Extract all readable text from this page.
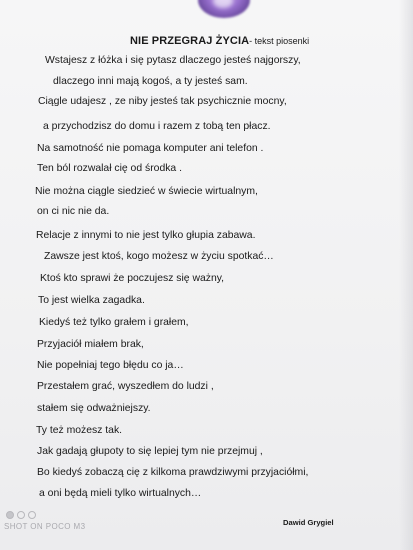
NIE PRZEGRAJ ŻYCIA- tekst piosenki
Wstajesz z łóżka i się pytasz dlaczego jesteś najgorszy,
dlaczego inni mają kogoś, a ty jesteś sam.
Ciągle udajesz , ze niby jesteś tak psychicznie mocny,
a przychodzisz do domu i razem z tobą ten płacz.
Na samotność nie pomaga komputer ani telefon .
Ten ból rozwalał cię od środka .
Nie można ciągle siedzieć w świecie wirtualnym,
on ci nic nie da.
Relacje z innymi to nie jest tylko głupia zabawa.
Zawsze jest ktoś, kogo możesz w życiu spotkać…
Ktoś kto sprawi że poczujesz się ważny,
To jest wielka zagadka.
Kiedyś też tylko grałem i grałem,
Przyjaciół miałem brak,
Nie popełniaj tego błędu co ja…
Przestałem grać, wyszedłem do ludzi ,
stałem się odważniejszy.
Ty też możesz tak.
Jak gadają głupoty to się lepiej tym nie przejmuj ,
Bo kiedyś zobaczą cię z kilkoma prawdziwymi przyjaciółmi,
a oni będą mieli tylko wirtualnych…
Dawid Grygiel
SHOT ON POCO M3
